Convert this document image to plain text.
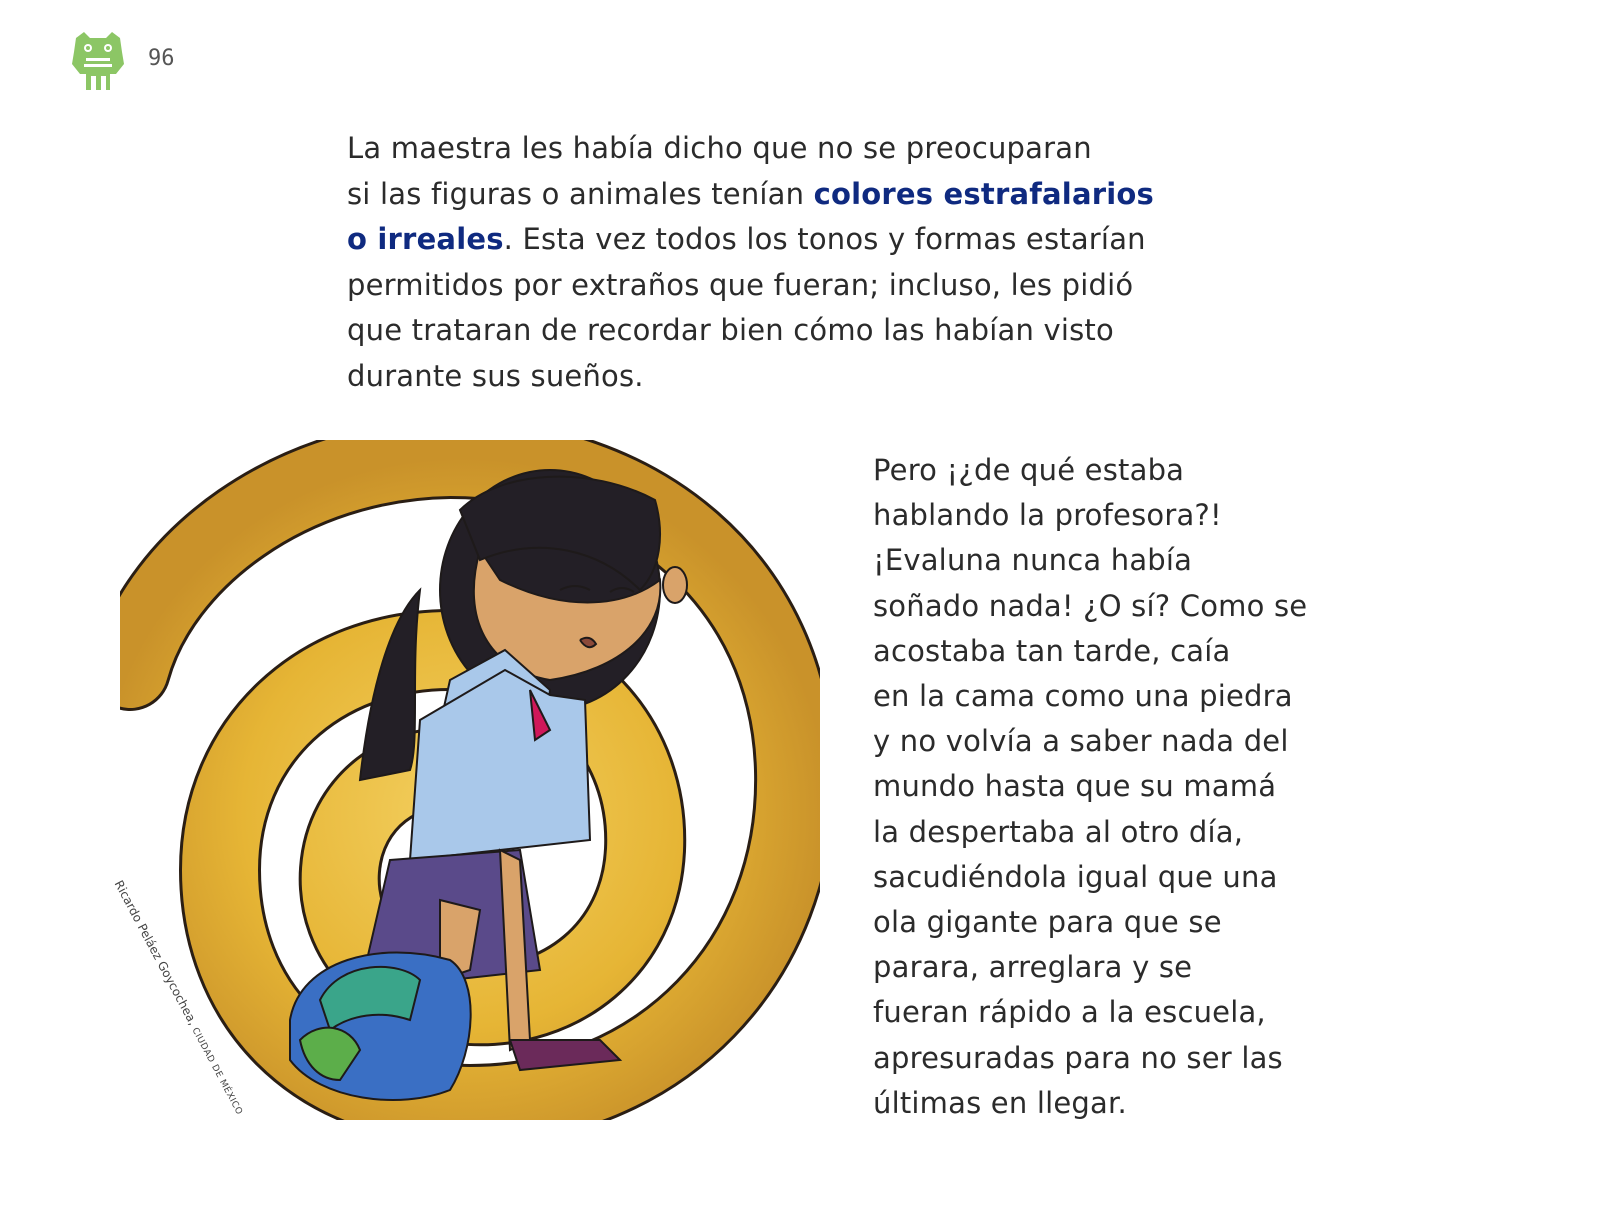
96
La maestra les había dicho que no se preocuparan
si las figuras o animales tenían colores estrafalarios
o irreales. Esta vez todos los tonos y formas estarían
permitidos por extraños que fueran; incluso, les pidió
que trataran de recordar bien cómo las habían visto
durante sus sueños.
Ricardo Peláez Goycochea, CIUDAD DE MÉXICO
Pero ¡¿de qué estaba
hablando la profesora?!
¡Evaluna nunca había
soñado nada! ¿O sí? Como se
acostaba tan tarde, caía
en la cama como una piedra
y no volvía a saber nada del
mundo hasta que su mamá
la despertaba al otro día,
sacudiéndola igual que una
ola gigante para que se
parara, arreglara y se
fueran rápido a la escuela,
apresuradas para no ser las
últimas en llegar.
